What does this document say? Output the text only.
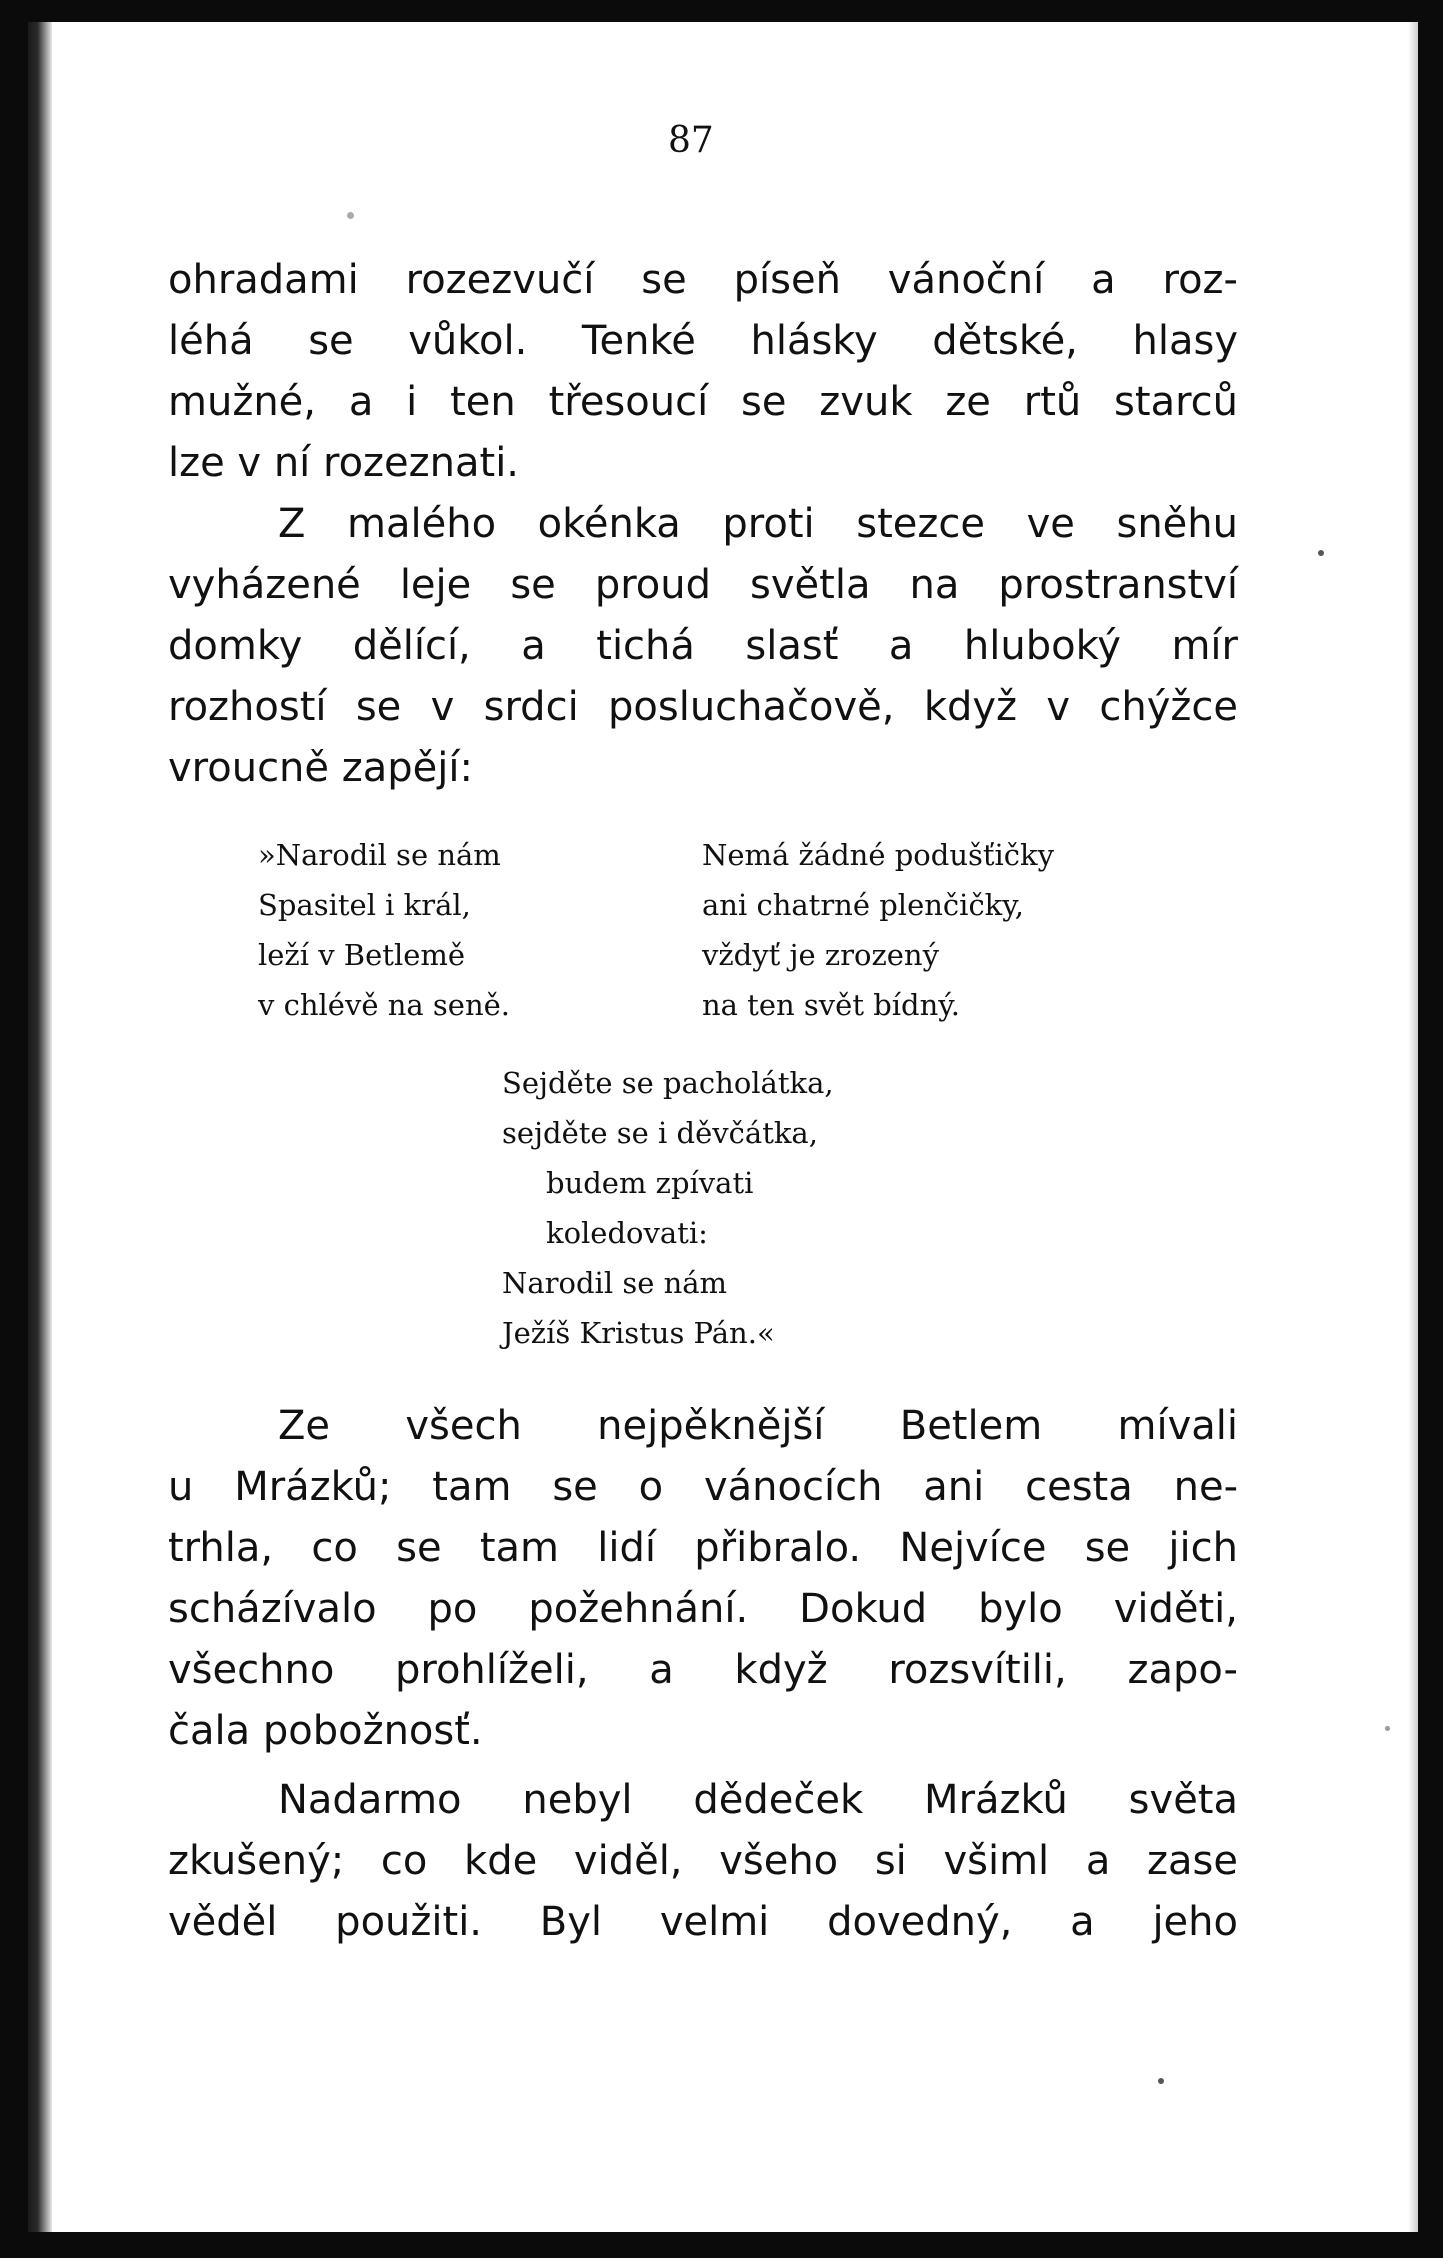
87

ohradami rozezvučí se píseň vánoční a roz-
léhá se vůkol. Tenké hlásky dětské, hlasy
mužné, a i ten třesoucí se zvuk ze rtů starců
lze v ní rozeznati.

Z malého okénka proti stezce ve sněhu
vyházené leje se proud světla na prostranství
domky dělící, a tichá slasť a hluboký mír
rozhostí se v srdci posluchačově, když v chýžce
vroucně zapějí:

»Narodil se nám
Spasitel i král,
leží v Betlemě
v chlévě na seně.
Nemá žádné podušťičky
ani chatrné plenčičky,
vždyť je zrozený
na ten svět bídný.
Sejděte se pacholátka,
sejděte se i děvčátka,
budem zpívati
koledovati:
Narodil se nám
Ježíš Kristus Pán.«

Ze všech nejpěknější Betlem mívali
u Mrázků; tam se o vánocích ani cesta ne-
trhla, co se tam lidí přibralo. Nejvíce se jich
scházívalo po požehnání. Dokud bylo viděti,
všechno prohlíželi, a když rozsvítili, zapo-
čala pobožnosť.

Nadarmo nebyl dědeček Mrázků světa
zkušený; co kde viděl, všeho si všiml a zase
věděl použiti. Byl velmi dovedný, a jeho
